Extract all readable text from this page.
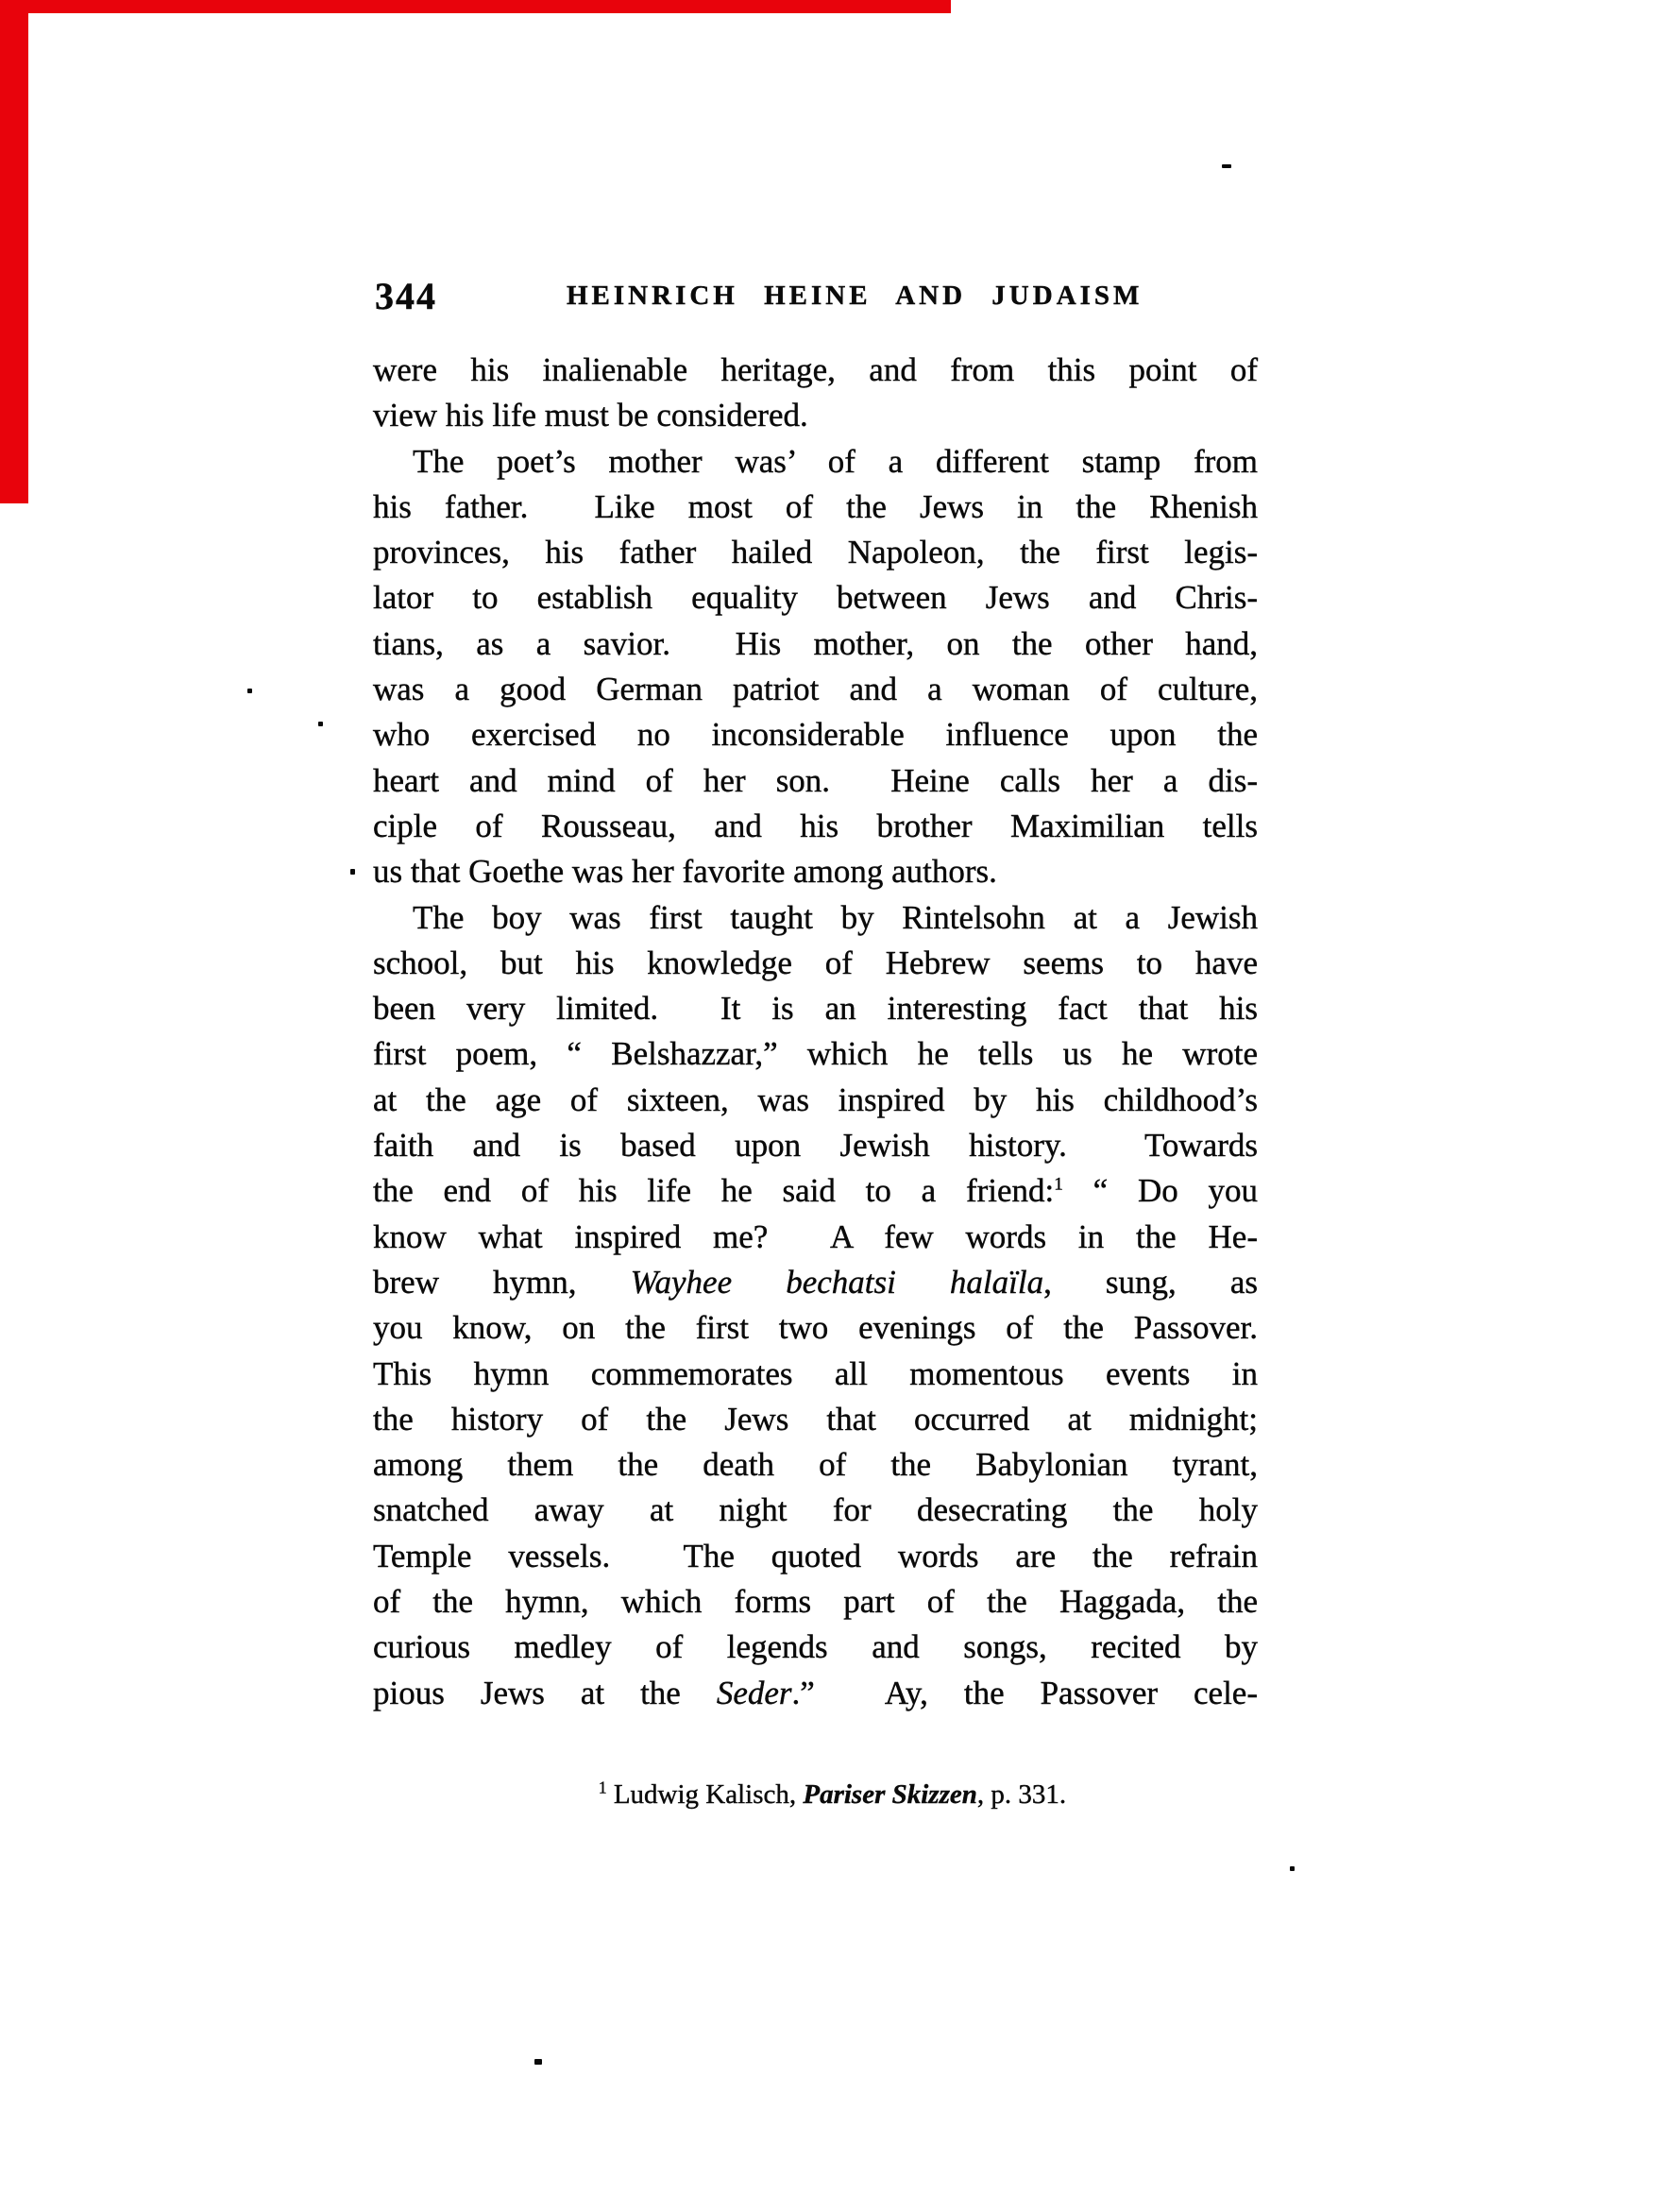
344	HEINRICH HEINE AND JUDAISM
were his inalienable heritage, and from this point of
view his life must be considered.
The poet’s mother was’ of a different stamp from
his father.  Like most of the Jews in the Rhenish
provinces, his father hailed Napoleon, the first legis-
lator to establish equality between Jews and Chris-
tians, as a savior.  His mother, on the other hand,
was a good German patriot and a woman of culture,
who exercised no inconsiderable influence upon the
heart and mind of her son.  Heine calls her a dis-
ciple of Rousseau, and his brother Maximilian tells
us that Goethe was her favorite among authors.
The boy was first taught by Rintelsohn at a Jewish
school, but his knowledge of Hebrew seems to have
been very limited.  It is an interesting fact that his
first poem, “ Belshazzar,” which he tells us he wrote
at the age of sixteen, was inspired by his childhood’s
faith and is based upon Jewish history.  Towards
the end of his life he said to a friend:$^1$ “ Do you
know what inspired me?  A few words in the He-
brew hymn, Wayhee bechatsi halaïla, sung, as
you know, on the first two evenings of the Passover.
This hymn commemorates all momentous events in
the history of the Jews that occurred at midnight;
among them the death of the Babylonian tyrant,
snatched away at night for desecrating the holy
Temple vessels.  The quoted words are the refrain
of the hymn, which forms part of the Haggada, the
curious medley of legends and songs, recited by
pious Jews at the Seder.”  Ay, the Passover cele-
$^1$ Ludwig Kalisch, Pariser Skizzen, p. 331.
